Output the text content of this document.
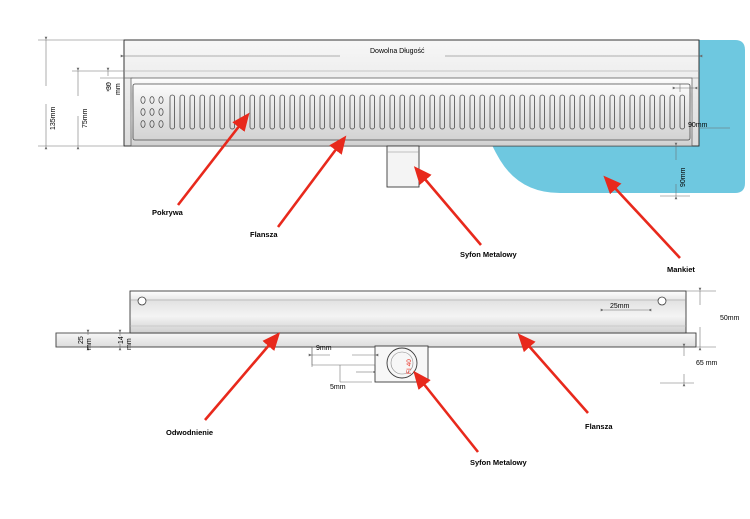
Dowolna Długość
135mm	75mm
30 mm
90mm
90mm
Pokrywa
Flansza
Syfon Metalowy
Mankiet
25mm
50mm
65 mm
9mm
5mm
14 mm
25 mm
FI 40
Odwodnienie
Syfon Metalowy
Flansza
